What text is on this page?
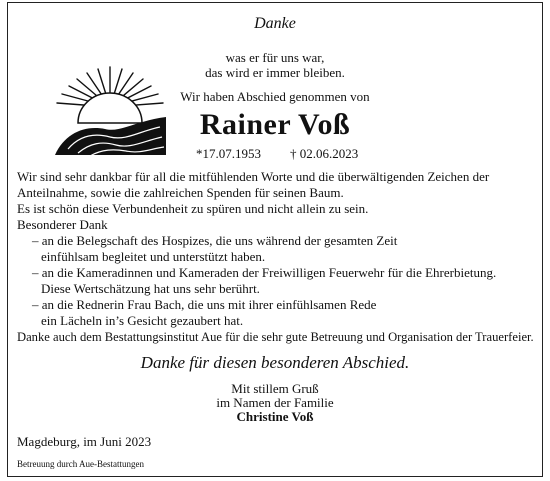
Danke
was er für uns war,
das wird er immer bleiben.
Wir haben Abschied genommen von
Rainer Voß
*17.07.1953 † 02.06.2023
Wir sind sehr dankbar für all die mitfühlenden Worte und die überwältigenden Zeichen der
Anteilnahme, sowie die zahlreichen Spenden für seinen Baum.
Es ist schön diese Verbundenheit zu spüren und nicht allein zu sein.
Besonderer Dank
– an die Belegschaft des Hospizes, die uns während der gesamten Zeit
einfühlsam begleitet und unterstützt haben.
– an die Kameradinnen und Kameraden der Freiwilligen Feuerwehr für die Ehrerbietung.
Diese Wertschätzung hat uns sehr berührt.
– an die Rednerin Frau Bach, die uns mit ihrer einfühlsamen Rede
ein Lächeln in’s Gesicht gezaubert hat.
Danke auch dem Bestattungsinstitut Aue für die sehr gute Betreuung und Organisation der Trauerfeier.
Danke für diesen besonderen Abschied.
Mit stillem Gruß
im Namen der Familie
Christine Voß
Magdeburg, im Juni 2023
Betreuung durch Aue-Bestattungen
